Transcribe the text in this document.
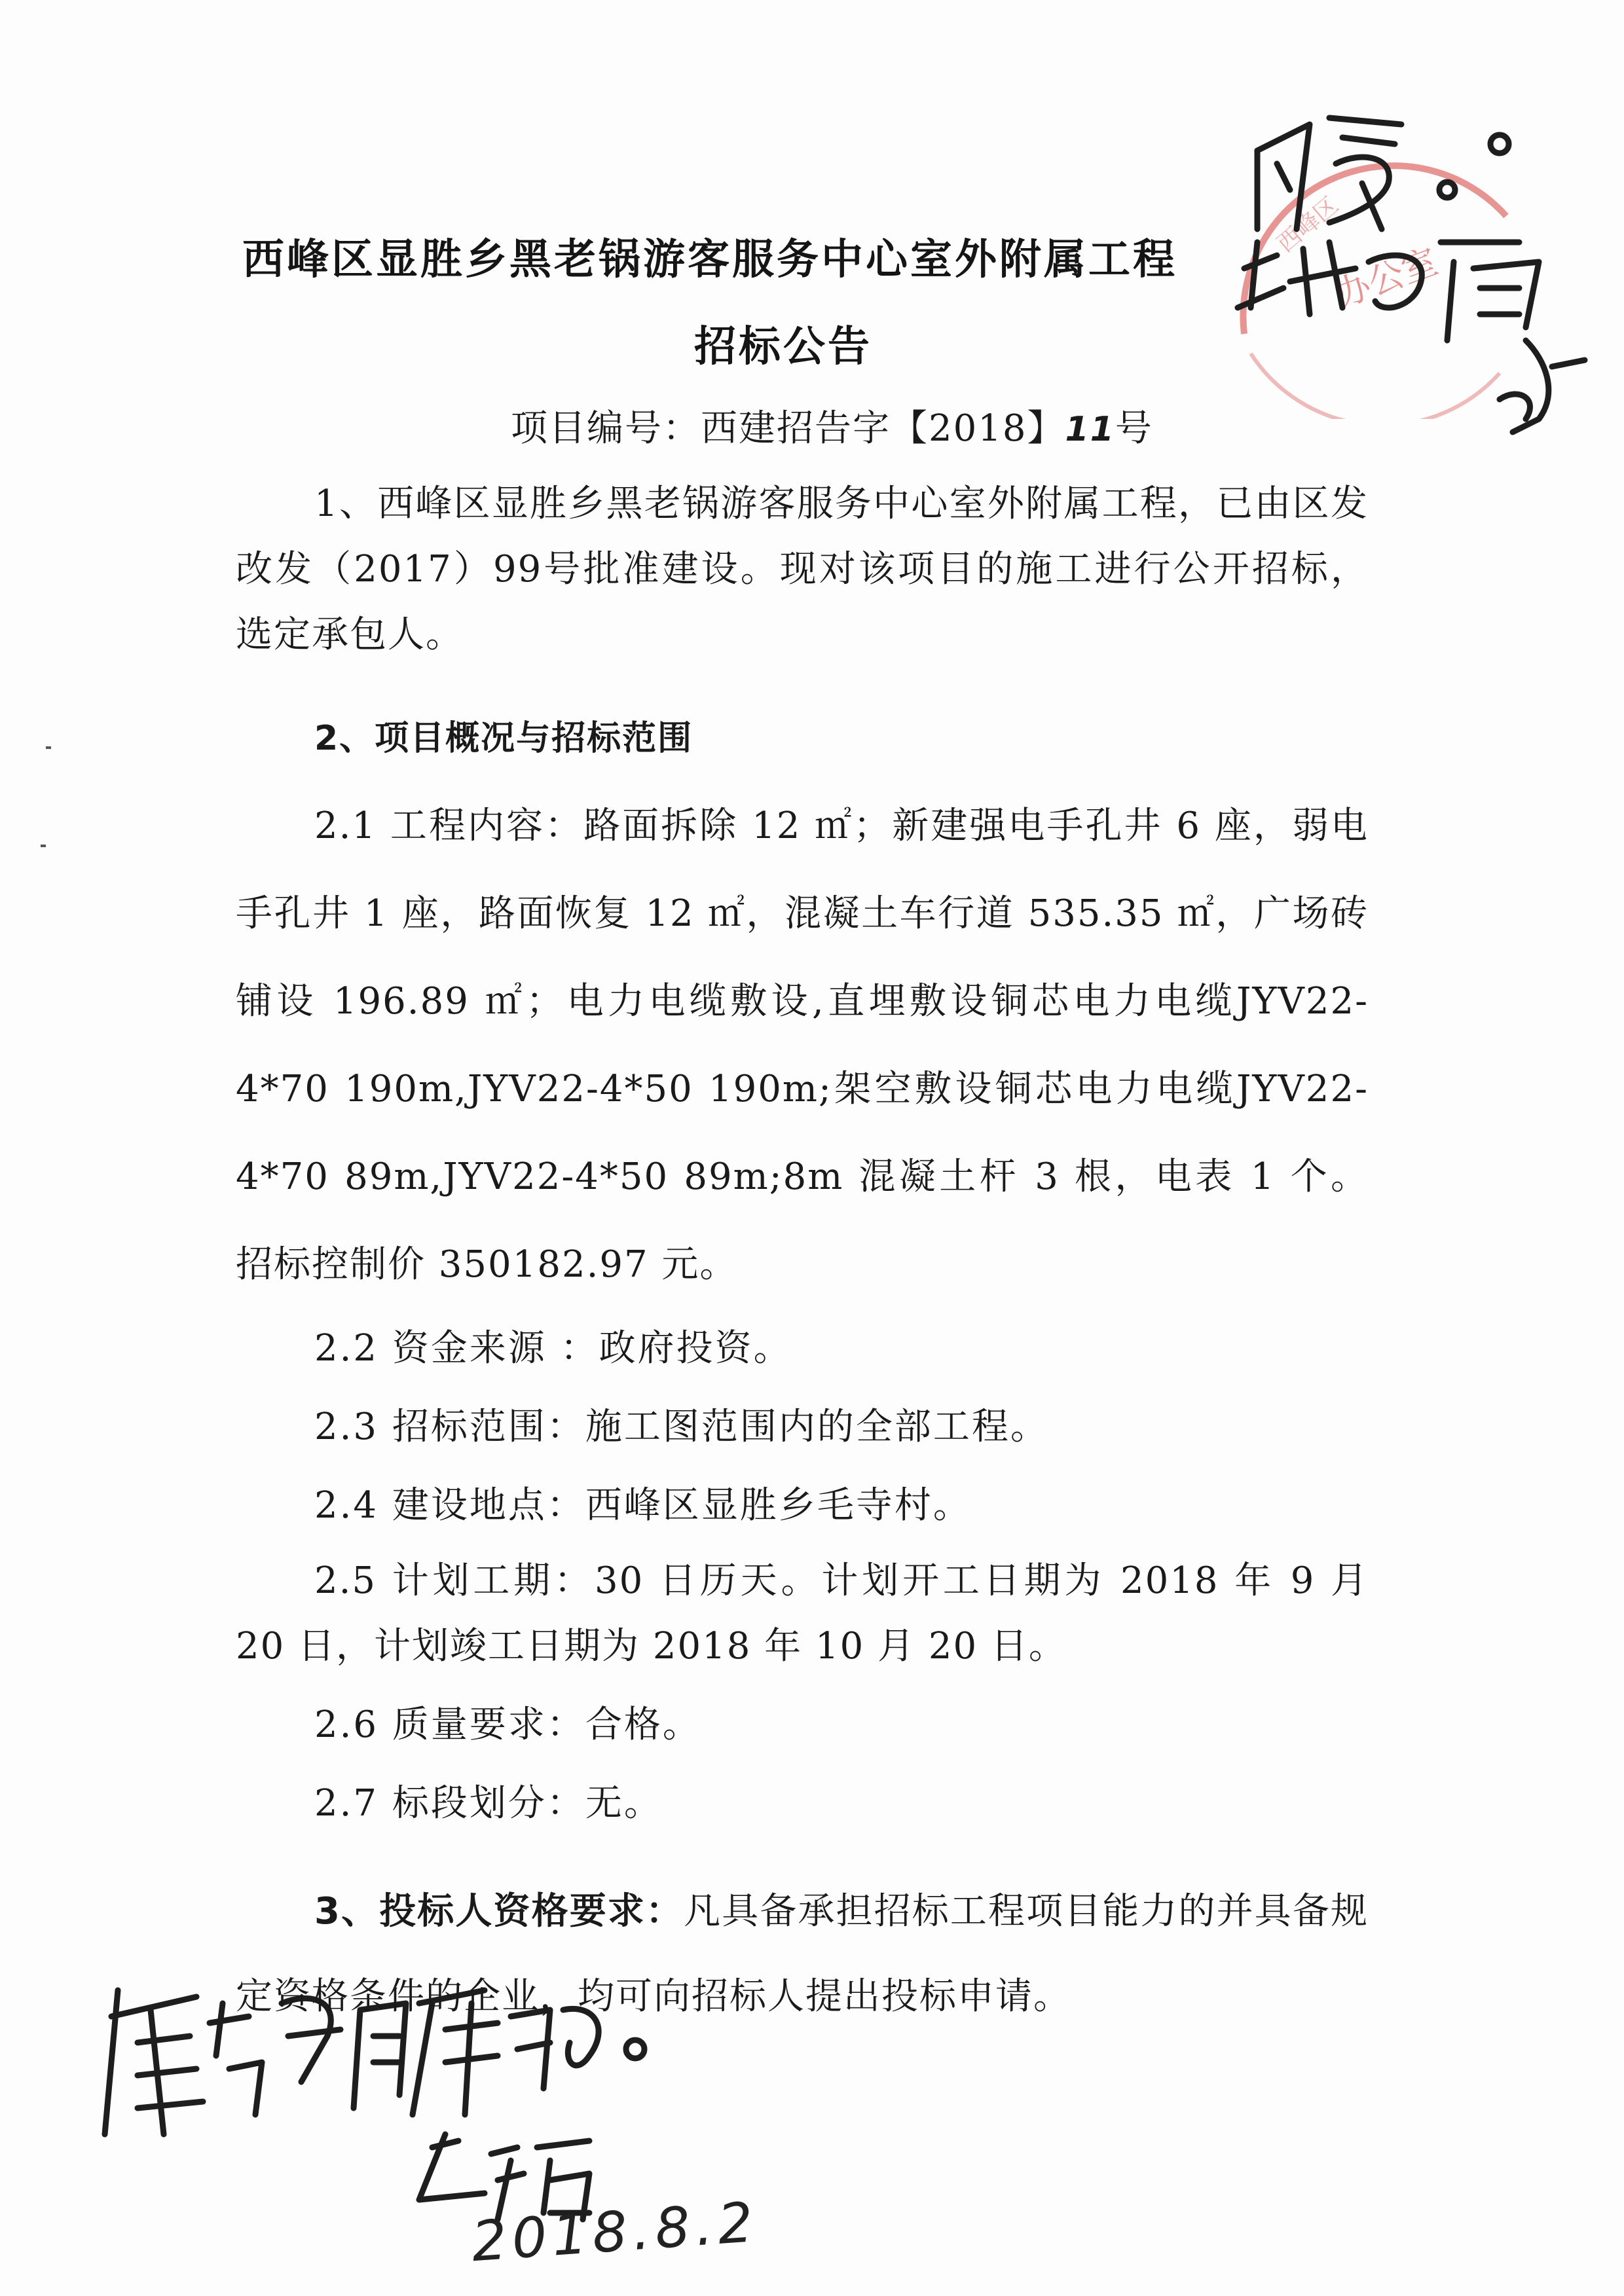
办公室
西峰区
西峰区显胜乡黑老锅游客服务中心室外附属工程
招标公告
项目编号：西建招告字【2018】11号
1、西峰区显胜乡黑老锅游客服务中心室外附属工程，已由区发改发（2017）99号批准建设。现对该项目的施工进行公开招标，选定承包人。
2、项目概况与招标范围
2.1 工程内容：路面拆除 12 ㎡；新建强电手孔井 6 座，弱电手孔井 1 座，路面恢复 12 ㎡，混凝土车行道 535.35 ㎡，广场砖铺设 196.89 ㎡；电力电缆敷设,直埋敷设铜芯电力电缆JYV22-4*70 190m,JYV22-4*50 190m;架空敷设铜芯电力电缆JYV22-4*70 89m,JYV22-4*50 89m;8m 混凝土杆 3 根，电表 1 个。招标控制价 350182.97 元。
2.2 资金来源 ：政府投资。
2.3 招标范围：施工图范围内的全部工程。
2.4 建设地点：西峰区显胜乡毛寺村。
2.5 计划工期：30 日历天。计划开工日期为 2018 年 9 月 20 日，计划竣工日期为 2018 年 10 月 20 日。
2.6 质量要求：合格。
2.7 标段划分：无。
3、投标人资格要求：凡具备承担招标工程项目能力的并具备规定资格条件的企业，均可向招标人提出投标申请。
2018.8.2
